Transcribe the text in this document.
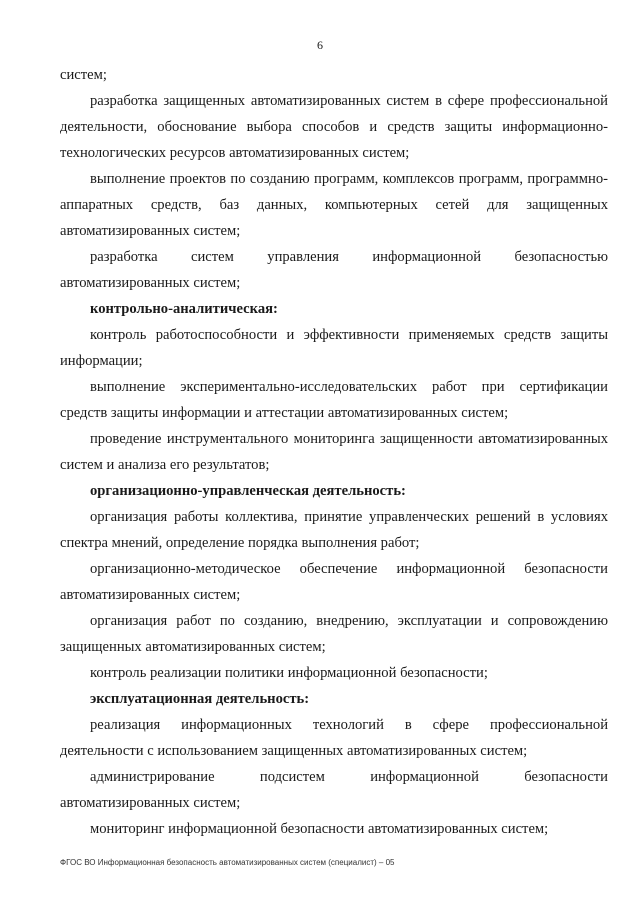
6

систем;

разработка защищенных автоматизированных систем в сфере профессиональной деятельности, обоснование выбора способов и средств защиты информационно-технологических ресурсов автоматизированных систем;

выполнение проектов по созданию программ, комплексов программ, программно-аппаратных средств, баз данных, компьютерных сетей для защищенных автоматизированных систем;

разработка систем управления информационной безопасностью автоматизированных систем;

контрольно-аналитическая:

контроль работоспособности и эффективности применяемых средств защиты информации;

выполнение экспериментально-исследовательских работ при сертификации средств защиты информации и аттестации автоматизированных систем;

проведение инструментального мониторинга защищенности автоматизированных систем и анализа его результатов;

организационно-управленческая деятельность:

организация работы коллектива, принятие управленческих решений в условиях спектра мнений, определение порядка выполнения работ;

организационно-методическое обеспечение информационной безопасности автоматизированных систем;

организация работ по созданию, внедрению, эксплуатации и сопровождению защищенных автоматизированных систем;

контроль реализации политики информационной безопасности;

эксплуатационная деятельность:

реализация информационных технологий в сфере профессиональной деятельности с использованием защищенных автоматизированных систем;

администрирование подсистем информационной безопасности автоматизированных систем;

мониторинг информационной безопасности автоматизированных систем;

ФГОС ВО Информационная безопасность автоматизированных систем (специалист) – 05
